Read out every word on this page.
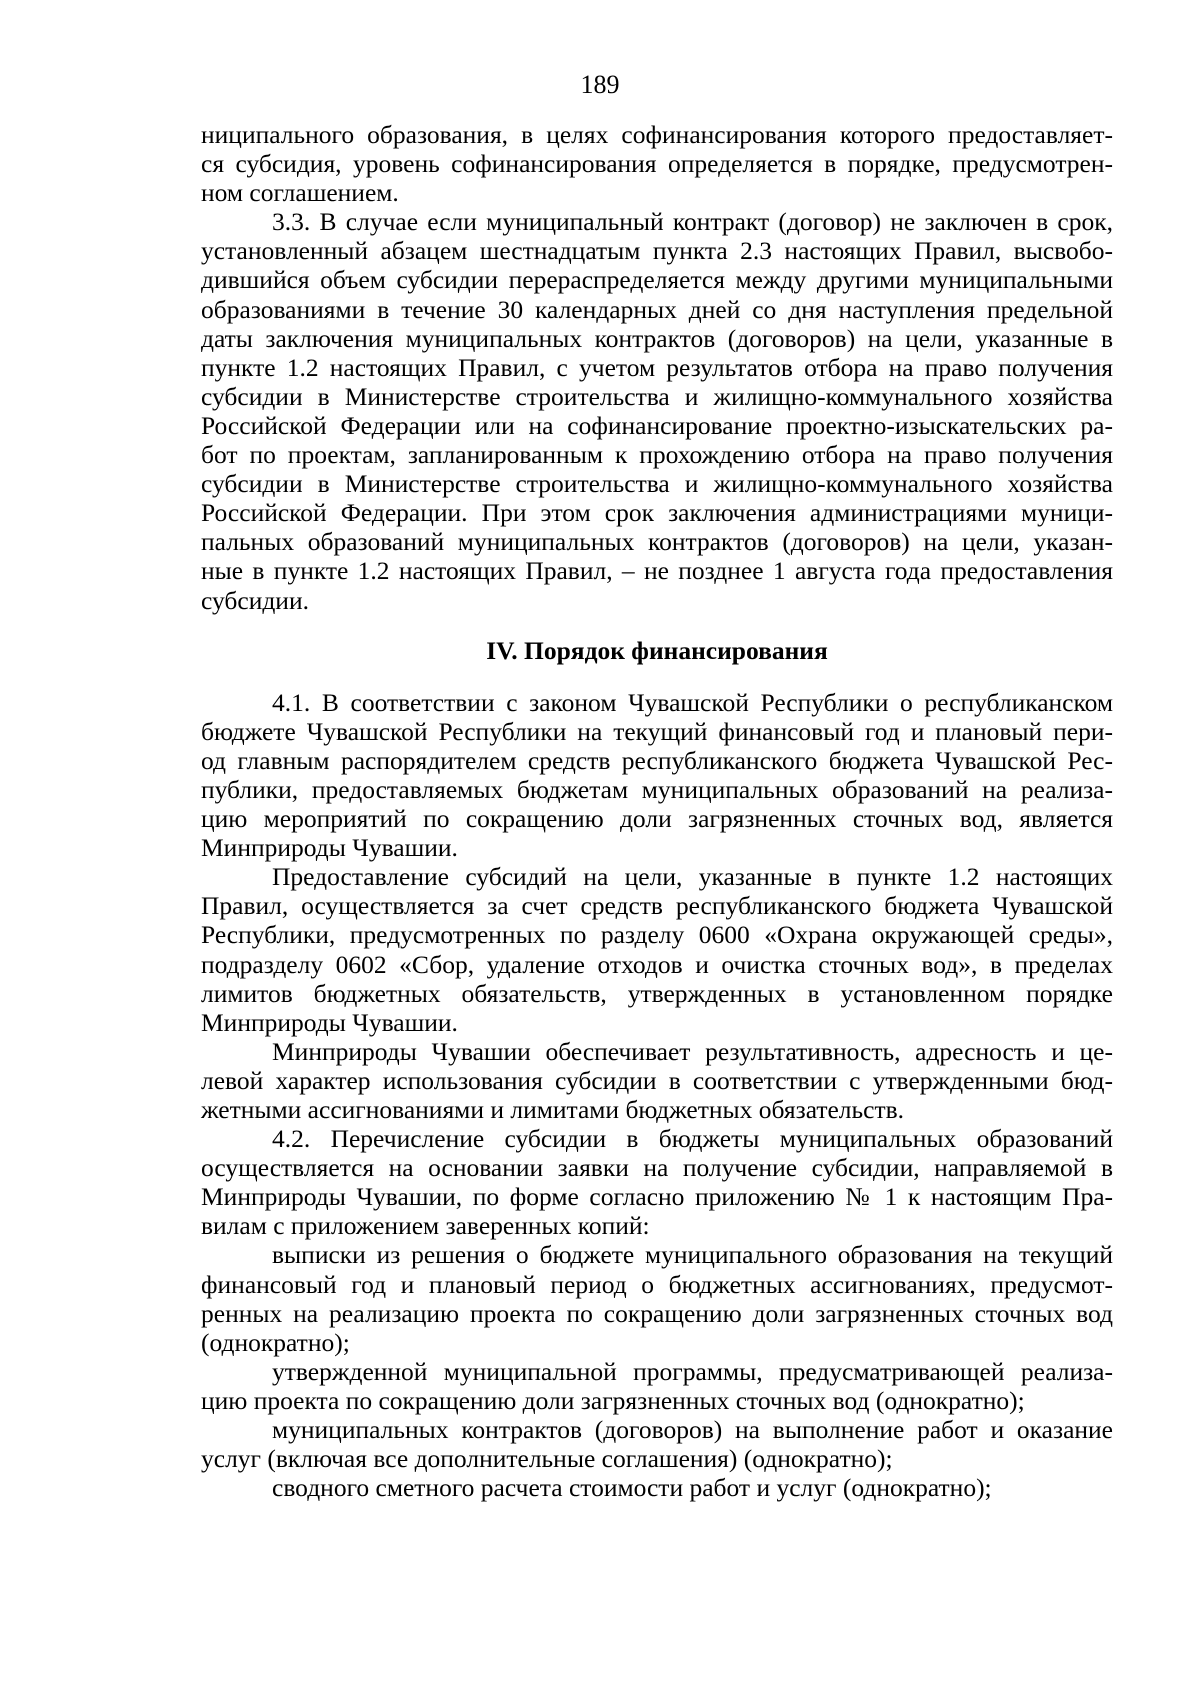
189

ниципального образования, в целях софинансирования которого предоставляет-
ся субсидия, уровень софинансирования определяется в порядке, предусмотрен-
ном соглашением.

3.3. В случае если муниципальный контракт (договор) не заключен в срок,
установленный абзацем шестнадцатым пункта 2.3 настоящих Правил, высвобо-
дившийся объем субсидии перераспределяется между другими муниципальными
образованиями в течение 30 календарных дней со дня наступления предельной
даты заключения муниципальных контрактов (договоров) на цели, указанные в
пункте 1.2 настоящих Правил, с учетом результатов отбора на право получения
субсидии в Министерстве строительства и жилищно-коммунального хозяйства
Российской Федерации или на софинансирование проектно-изыскательских ра-
бот по проектам, запланированным к прохождению отбора на право получения
субсидии в Министерстве строительства и жилищно-коммунального хозяйства
Российской Федерации. При этом срок заключения администрациями муници-
пальных образований муниципальных контрактов (договоров) на цели, указан-
ные в пункте 1.2 настоящих Правил, – не позднее 1 августа года предоставления
субсидии.

IV. Порядок финансирования

4.1. В соответствии с законом Чувашской Республики о республиканском
бюджете Чувашской Республики на текущий финансовый год и плановый пери-
од главным распорядителем средств республиканского бюджета Чувашской Рес-
публики, предоставляемых бюджетам муниципальных образований на реализа-
цию мероприятий по сокращению доли загрязненных сточных вод, является
Минприроды Чувашии.

Предоставление субсидий на цели, указанные в пункте 1.2 настоящих
Правил, осуществляется за счет средств республиканского бюджета Чувашской
Республики, предусмотренных по разделу 0600 «Охрана окружающей среды»,
подразделу 0602 «Сбор, удаление отходов и очистка сточных вод», в пределах
лимитов бюджетных обязательств, утвержденных в установленном порядке
Минприроды Чувашии.

Минприроды Чувашии обеспечивает результативность, адресность и це-
левой характер использования субсидии в соответствии с утвержденными бюд-
жетными ассигнованиями и лимитами бюджетных обязательств.

4.2. Перечисление субсидии в бюджеты муниципальных образований
осуществляется на основании заявки на получение субсидии, направляемой в
Минприроды Чувашии, по форме согласно приложению № 1 к настоящим Пра-
вилам с приложением заверенных копий:

выписки из решения о бюджете муниципального образования на текущий
финансовый год и плановый период о бюджетных ассигнованиях, предусмот-
ренных на реализацию проекта по сокращению доли загрязненных сточных вод
(однократно);

утвержденной муниципальной программы, предусматривающей реализа-
цию проекта по сокращению доли загрязненных сточных вод (однократно);

муниципальных контрактов (договоров) на выполнение работ и оказание
услуг (включая все дополнительные соглашения) (однократно);

сводного сметного расчета стоимости работ и услуг (однократно);
